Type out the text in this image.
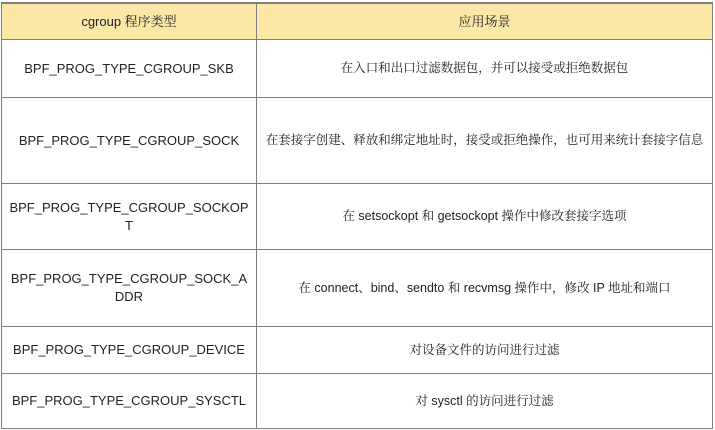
cgroup 程序类型	应用场景
BPF_PROG_TYPE_CGROUP_SKB	在入口和出口过滤数据包，并可以接受或拒绝数据包
BPF_PROG_TYPE_CGROUP_SOCK	在套接字创建、释放和绑定地址时，接受或拒绝操作，也可用来统计套接字信息
BPF_PROG_TYPE_CGROUP_SOCKOPT	在 setsockopt 和 getsockopt 操作中修改套接字选项
BPF_PROG_TYPE_CGROUP_SOCK_ADDR	在 connect、bind、sendto 和 recvmsg 操作中，修改 IP 地址和端口
BPF_PROG_TYPE_CGROUP_DEVICE	对设备文件的访问进行过滤
BPF_PROG_TYPE_CGROUP_SYSCTL	对 sysctl 的访问进行过滤
